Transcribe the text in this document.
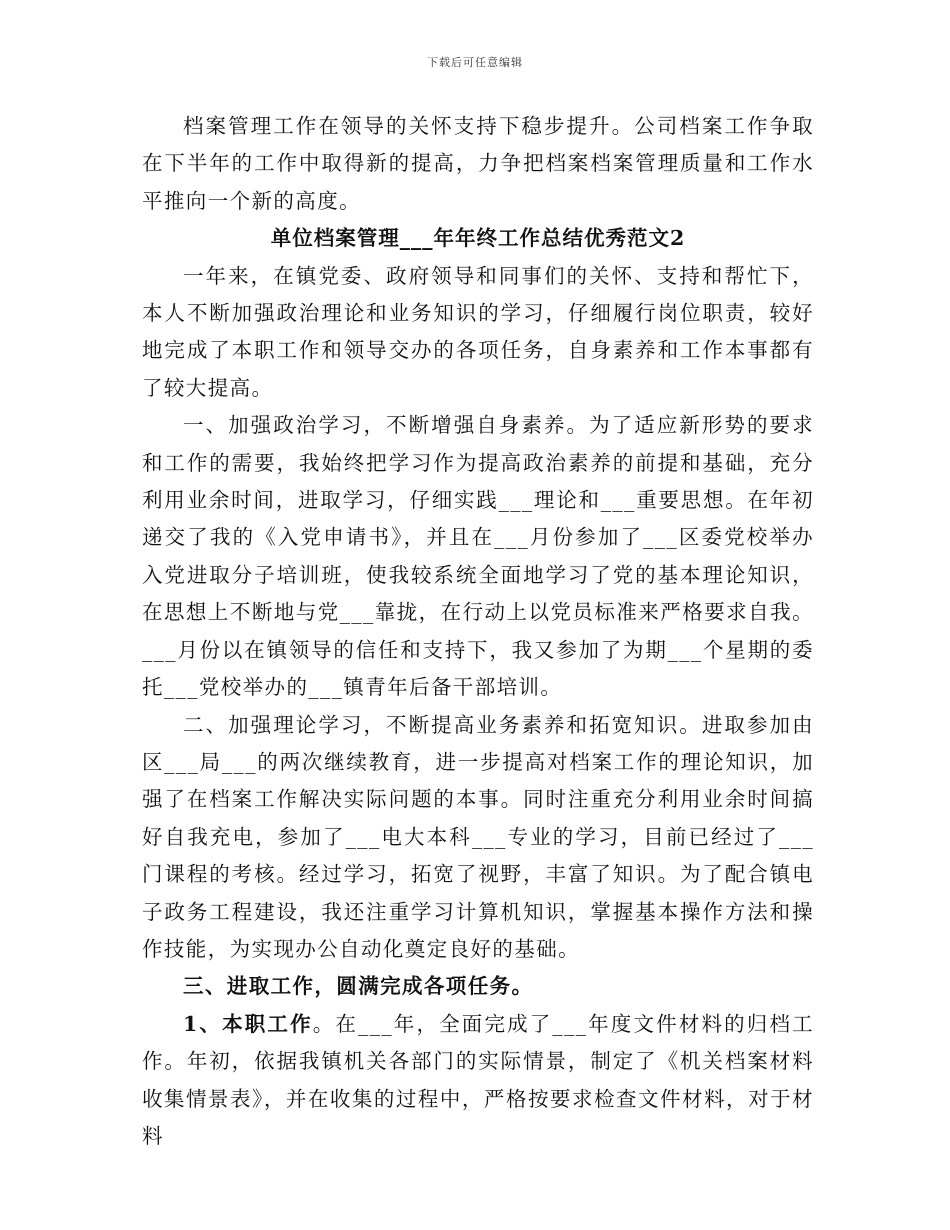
下载后可任意编辑

档案管理工作在领导的关怀支持下稳步提升。公司档案工作争取在下半年的工作中取得新的提高，力争把档案档案管理质量和工作水平推向一个新的高度。

单位档案管理___年年终工作总结优秀范文2

一年来，在镇党委、政府领导和同事们的关怀、支持和帮忙下，本人不断加强政治理论和业务知识的学习，仔细履行岗位职责，较好地完成了本职工作和领导交办的各项任务，自身素养和工作本事都有了较大提高。

一、加强政治学习，不断增强自身素养。为了适应新形势的要求和工作的需要，我始终把学习作为提高政治素养的前提和基础，充分利用业余时间，进取学习，仔细实践___理论和___重要思想。在年初递交了我的《入党申请书》，并且在___月份参加了___区委党校举办入党进取分子培训班，使我较系统全面地学习了党的基本理论知识，在思想上不断地与党___靠拢，在行动上以党员标准来严格要求自我。___月份以在镇领导的信任和支持下，我又参加了为期___个星期的委托___党校举办的___镇青年后备干部培训。

二、加强理论学习，不断提高业务素养和拓宽知识。进取参加由区___局___的两次继续教育，进一步提高对档案工作的理论知识，加强了在档案工作解决实际问题的本事。同时注重充分利用业余时间搞好自我充电，参加了___电大本科___专业的学习，目前已经过了___门课程的考核。经过学习，拓宽了视野，丰富了知识。为了配合镇电子政务工程建设，我还注重学习计算机知识，掌握基本操作方法和操作技能，为实现办公自动化奠定良好的基础。

三、进取工作，圆满完成各项任务。

1、本职工作。在___年，全面完成了___年度文件材料的归档工作。年初，依据我镇机关各部门的实际情景，制定了《机关档案材料收集情景表》，并在收集的过程中，严格按要求检查文件材料，对于材料
